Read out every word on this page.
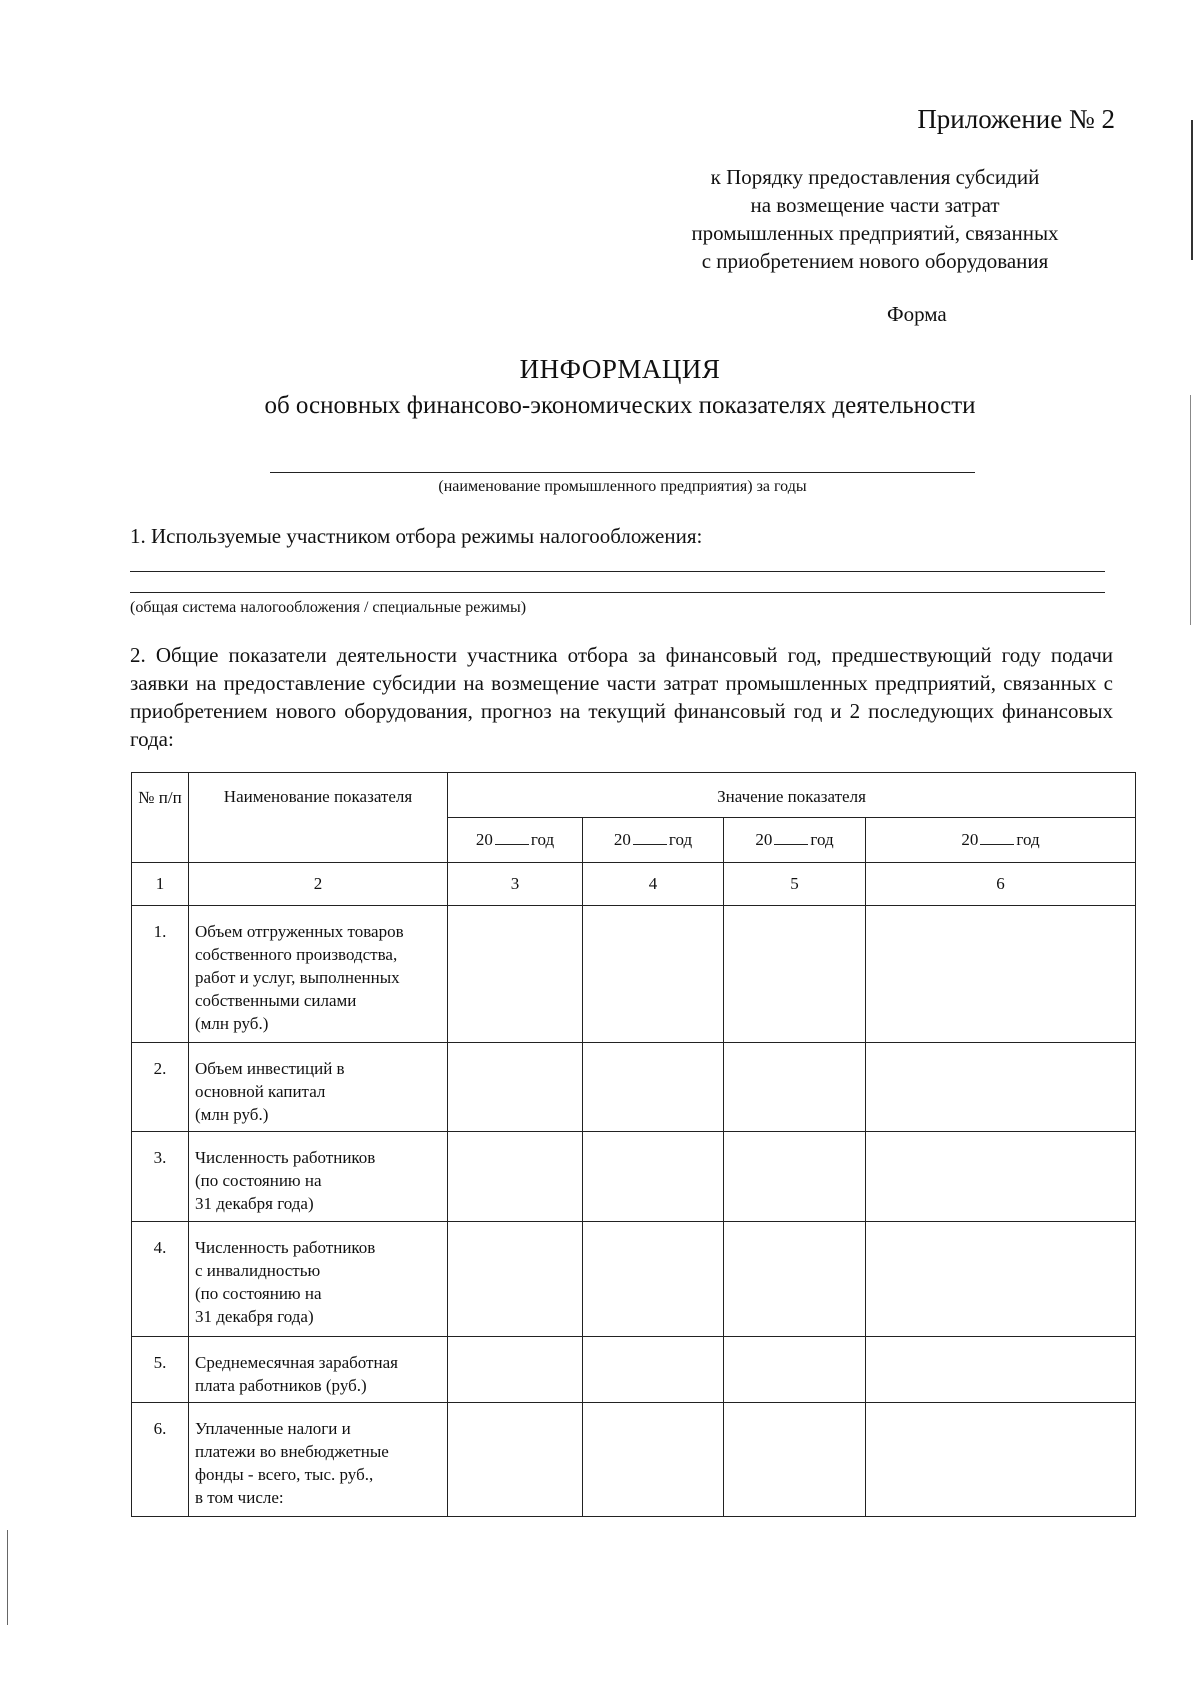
Приложение № 2
к Порядку предоставления субсидий
на возмещение части затрат
промышленных предприятий, связанных
с приобретением нового оборудования
Форма
ИНФОРМАЦИЯ
об основных финансово-экономических показателях деятельности
(наименование промышленного предприятия) за годы
1. Используемые участником отбора режимы налогообложения:
(общая система налогообложения / специальные режимы)
2. Общие показатели деятельности участника отбора за финансовый год, предшествующий году подачи заявки на предоставление субсидии на возмещение части затрат промышленных предприятий, связанных с приобретением нового оборудования, прогноз на текущий финансовый год и 2 последующих финансовых года:
№ п/п	Наименование показателя	Значение показателя			
		20 год	20 год	20 год	20 год
1	2	3	4	5	6
1.	Объем отгруженных товаров
собственного производства,
работ и услуг, выполненных
собственными силами
(млн руб.)				
2.	Объем инвестиций в
основной капитал
(млн руб.)				
3.	Численность работников
(по состоянию на
31 декабря года)				
4.	Численность работников
с инвалидностью
(по состоянию на
31 декабря года)				
5.	Среднемесячная заработная
плата работников (руб.)				
6.	Уплаченные налоги и
платежи во внебюджетные
фонды - всего, тыс. руб.,
в том числе:				
